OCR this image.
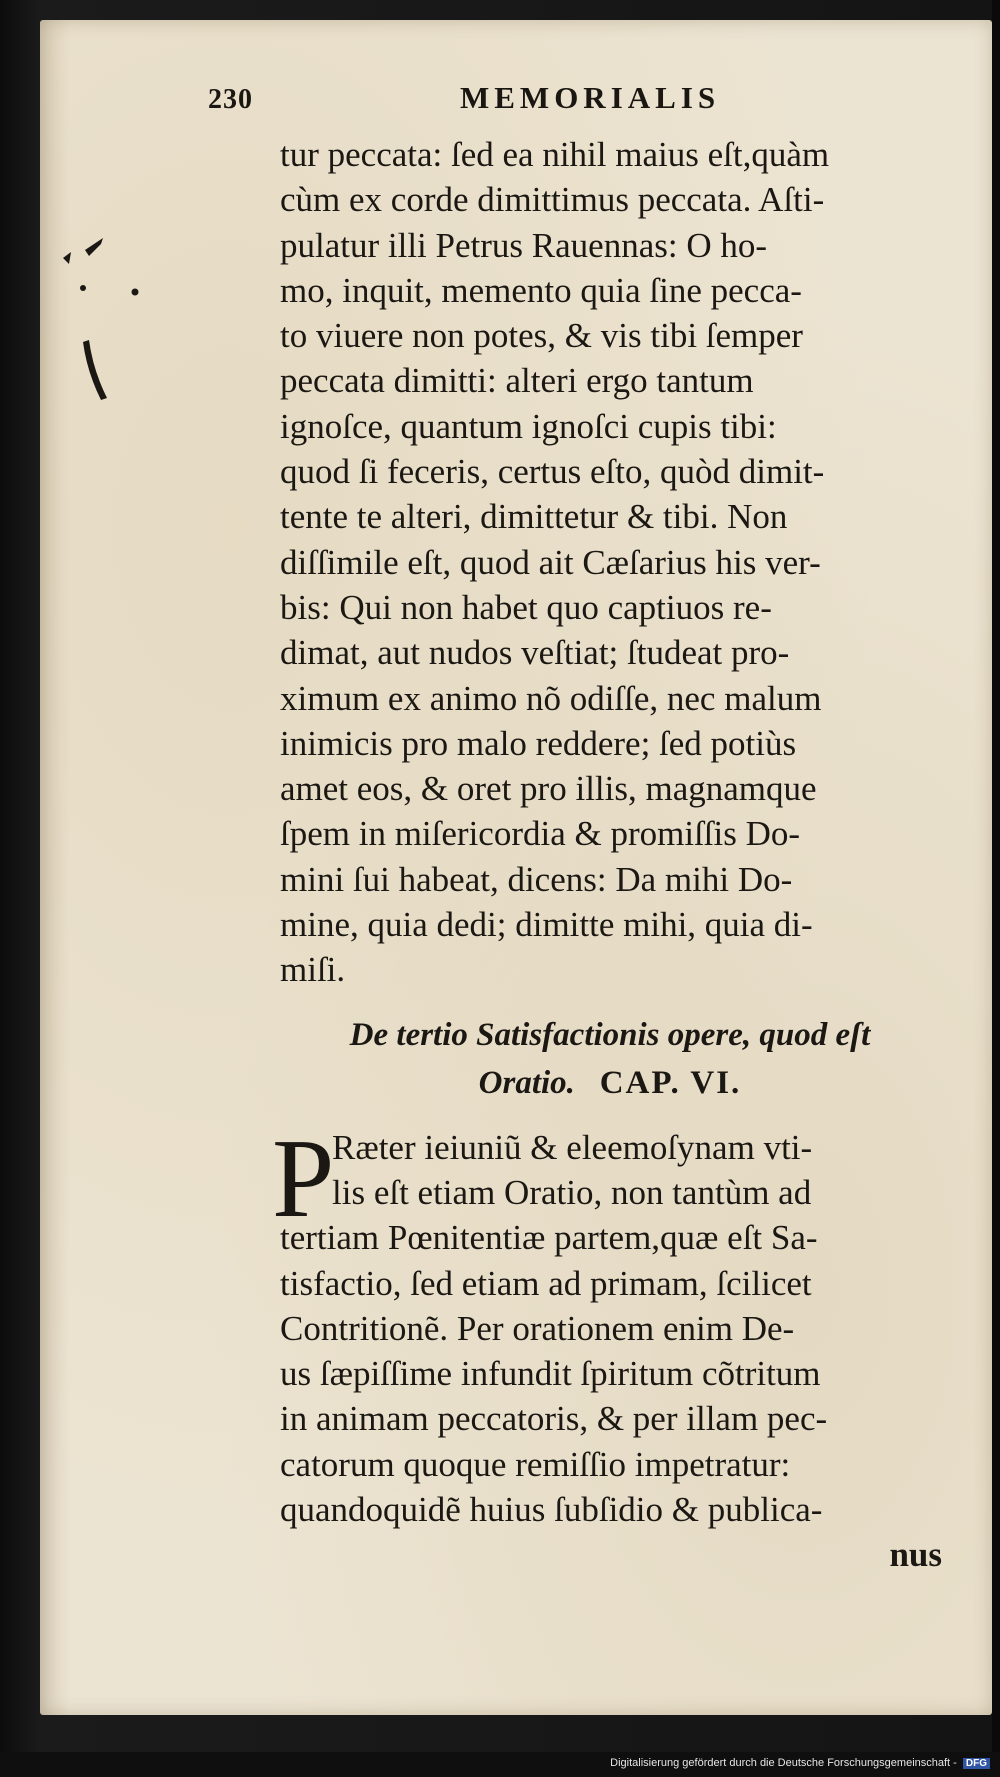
230	MEMORIALIS
tur peccata: ſed ea nihil maius eſt,quàm
cùm ex corde dimittimus peccata. Aſti-
pulatur illi Petrus Rauennas: O ho-
mo, inquit, memento quia ſine pecca-
to viuere non potes, & vis tibi ſemper
peccata dimitti: alteri ergo tantum
ignoſce, quantum ignoſci cupis tibi:
quod ſi feceris, certus eſto, quòd dimit-
tente te alteri, dimittetur & tibi. Non
diſſimile eſt, quod ait Cæſarius his ver-
bis: Qui non habet quo captiuos re-
dimat, aut nudos veſtiat; ſtudeat pro-
ximum ex animo nõ odiſſe, nec malum
inimicis pro malo reddere; ſed potiùs
amet eos, & oret pro illis, magnamque
ſpem in miſericordia & promiſſis Do-
mini ſui habeat, dicens: Da mihi Do-
mine, quia dedi; dimitte mihi, quia di-
miſi.
De tertio Satisfactionis opere, quod eſt
Oratio. CAP. VI.
P
Ræter ieiuniũ & eleemoſynam vti-
lis eſt etiam Oratio, non tantùm ad
tertiam Pœnitentiæ partem,quæ eſt Sa-
tisfactio, ſed etiam ad primam, ſcilicet
Contritionẽ. Per orationem enim De-
us ſæpiſſime infundit ſpiritum cõtritum
in animam peccatoris, & per illam pec-
catorum quoque remiſſio impetratur:
quandoquidẽ huius ſubſidio & publica-
nus
Digitalisierung gefördert durch die Deutsche Forschungsgemeinschaft - DFG
